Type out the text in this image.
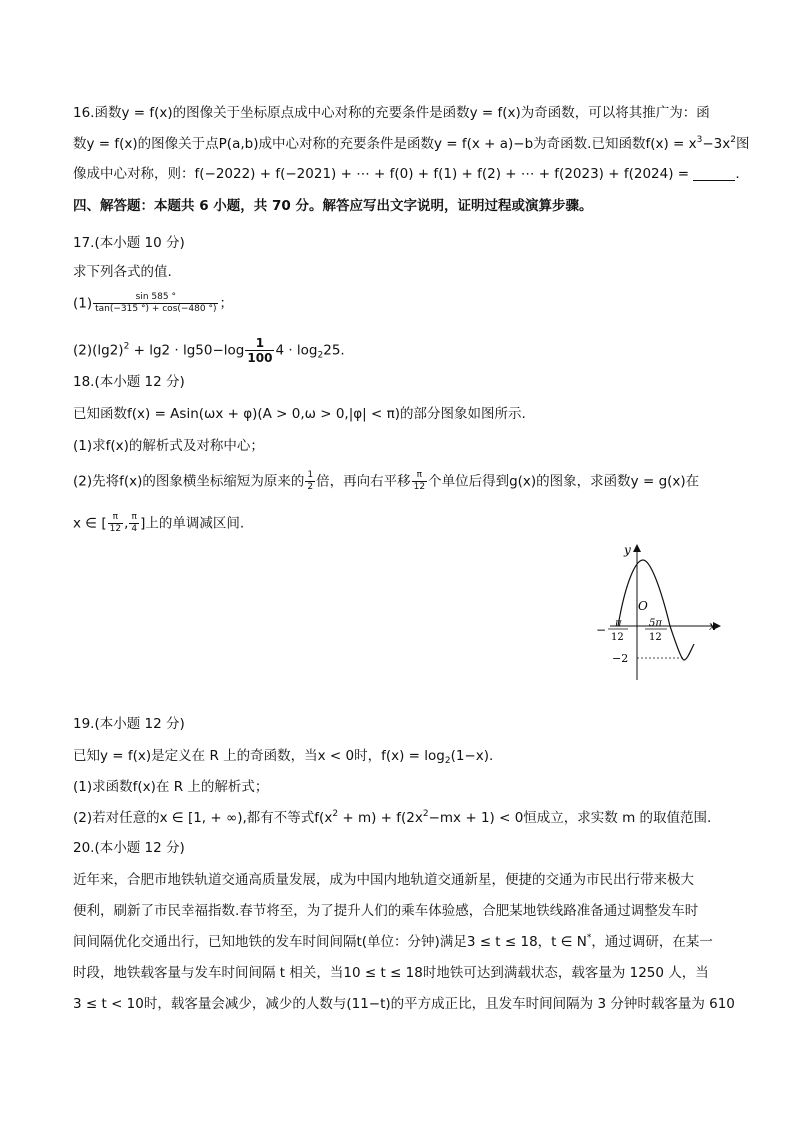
16.函数y = f(x)的图像关于坐标原点成中心对称的充要条件是函数y = f(x)为奇函数，可以将其推广为：函
数y = f(x)的图像关于点P(a,b)成中心对称的充要条件是函数y = f(x + a)−b为奇函数.已知函数$f(x) = x^3-3x^2$图
像成中心对称，则：f(−2022) + f(−2021) + ⋯ + f(0) + f(1) + f(2) + ⋯ + f(2023) + f(2024) =	.
四、解答题：本题共 6 小题，共 70 分。解答应写出文字说明，证明过程或演算步骤。
17.(本小题 10 分)
求下列各式的值.
$(1) \frac{\sin 585 ^\circ}{\tan(-315 ^\circ) + \cos(-480 ^\circ)}$ ；
$(2)(\lg 2)^2 + \lg 2 \cdot \lg 50-\log \frac{1}{100} 4 \cdot \log_225$.
18.(本小题 12 分)
已知函数f(x) = Asin(ωx + φ)(A > 0,ω > 0,|φ| < π)的部分图象如图所示.
(1)求f(x)的解析式及对称中心；
(2)先将f(x)的图象横坐标缩短为原来的 $\frac{1}{2}$ 倍，再向右平移 $\frac{\pi}{12}$ 个单位后得到g(x)的图象，求函数y = g(x)在
x ∈ [ $\frac{\pi}{12}$ , $\frac{\pi}{4}$ ]上的单调减区间.
y
x
O
− π
12
5π
12
−2
19.(本小题 12 分)
已知y = f(x)是定义在 R 上的奇函数，当x < 0时，$f(x) = \log_2(1-x)$.
(1)求函数f(x)在 R 上的解析式；
(2)若对任意的x ∈ [1, + ∞),都有不等式$f(x^2 + m) + f(2x^2-mx + 1) < 0$恒成立，求实数 m 的取值范围.
20.(本小题 12 分)
近年来，合肥市地铁轨道交通高质量发展，成为中国内地轨道交通新星，便捷的交通为市民出行带来极大
便利，刷新了市民幸福指数.春节将至，为了提升人们的乘车体验感，合肥某地铁线路准备通过调整发车时
间间隔优化交通出行，已知地铁的发车时间间隔t(单位：分钟)满足3 ≤ t ≤ 18，t ∈ N*，通过调研，在某一
时段，地铁载客量与发车时间间隔 t 相关，当10 ≤ t ≤ 18时地铁可达到满载状态，载客量为 1250 人，当
3 ≤ t < 10时，载客量会减少，减少的人数与(11−t)的平方成正比，且发车时间间隔为 3 分钟时载客量为 610
